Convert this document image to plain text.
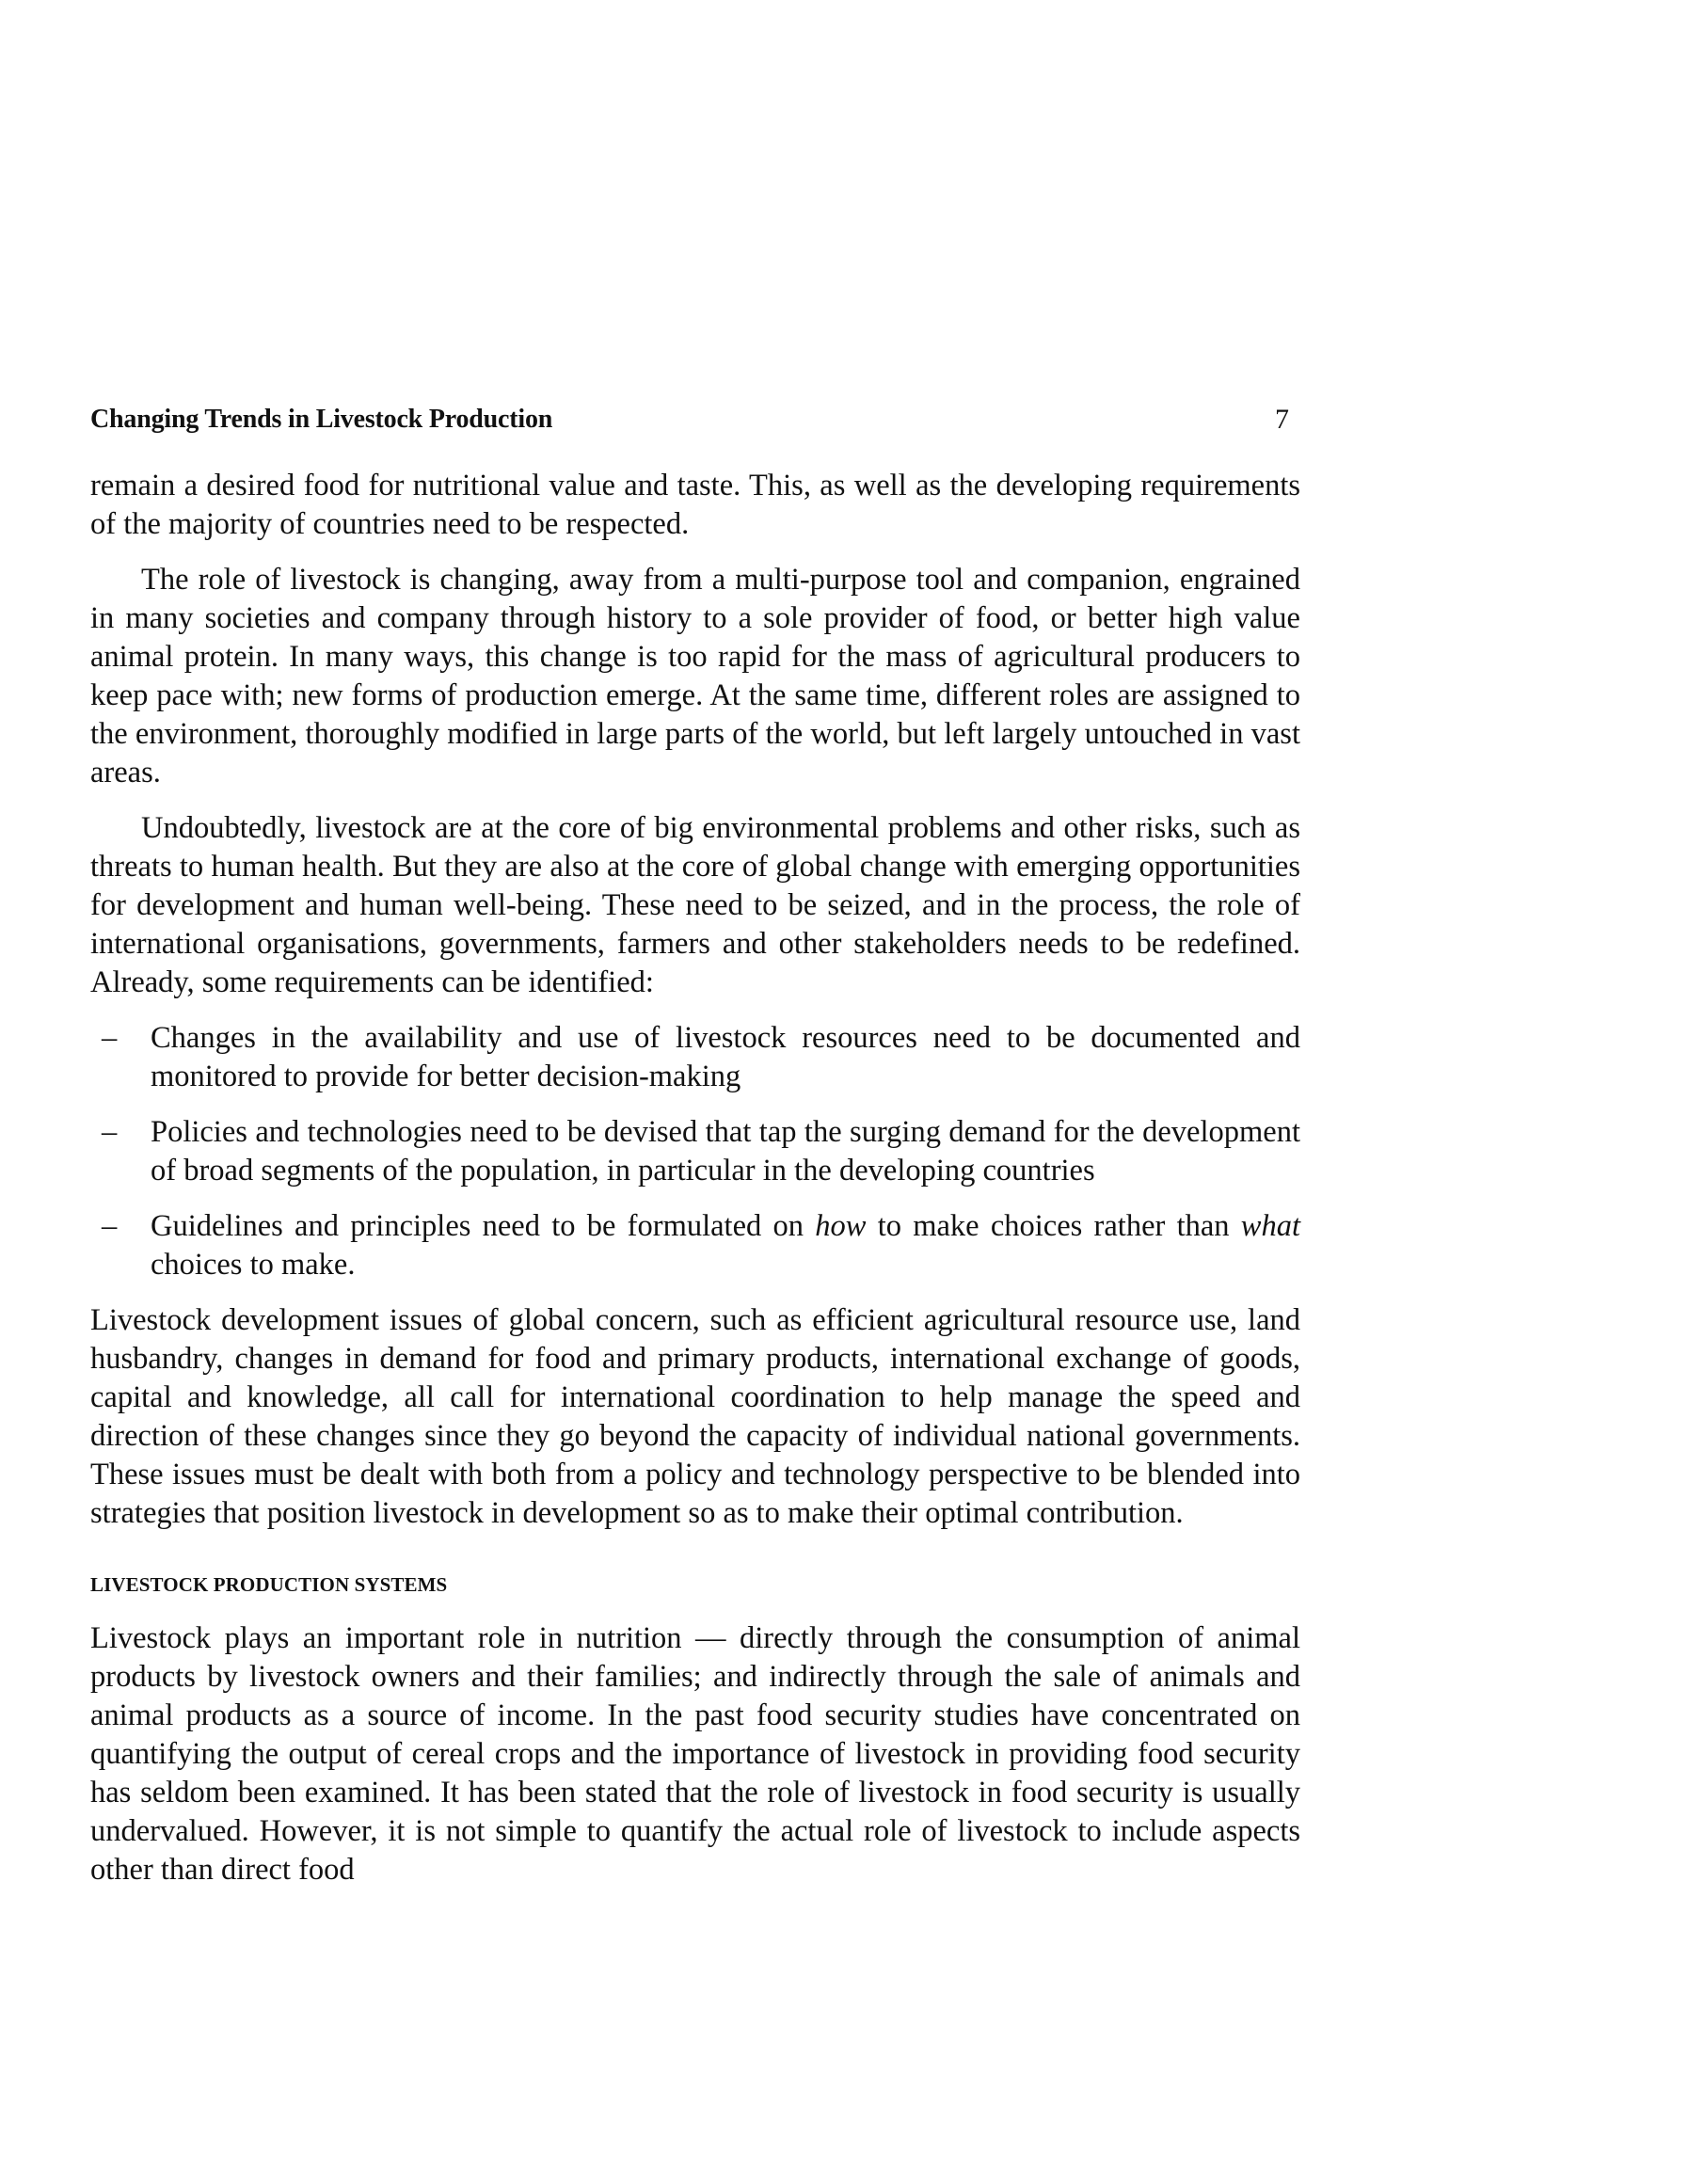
Changing Trends in Livestock Production	7

remain a desired food for nutritional value and taste. This, as well as the developing requirements of the majority of countries need to be respected.

The role of livestock is changing, away from a multi-purpose tool and companion, engrained in many societies and company through history to a sole provider of food, or better high value animal protein. In many ways, this change is too rapid for the mass of agricultural producers to keep pace with; new forms of production emerge. At the same time, different roles are assigned to the environment, thoroughly modified in large parts of the world, but left largely untouched in vast areas.

Undoubtedly, livestock are at the core of big environmental problems and other risks, such as threats to human health. But they are also at the core of global change with emerging opportunities for development and human well-being. These need to be seized, and in the process, the role of international organisations, governments, farmers and other stakeholders needs to be redefined. Already, some requirements can be identified:

– Changes in the availability and use of livestock resources need to be documented and monitored to provide for better decision-making
– Policies and technologies need to be devised that tap the surging demand for the development of broad segments of the population, in particular in the developing countries
– Guidelines and principles need to be formulated on how to make choices rather than what choices to make.

Livestock development issues of global concern, such as efficient agricultural resource use, land husbandry, changes in demand for food and primary products, international exchange of goods, capital and knowledge, all call for international coordination to help manage the speed and direction of these changes since they go beyond the capacity of individual national governments. These issues must be dealt with both from a policy and technology perspective to be blended into strategies that position livestock in development so as to make their optimal contribution.

LIVESTOCK PRODUCTION SYSTEMS

Livestock plays an important role in nutrition — directly through the consumption of animal products by livestock owners and their families; and indirectly through the sale of animals and animal products as a source of income. In the past food security studies have concentrated on quantifying the output of cereal crops and the importance of livestock in providing food security has seldom been examined. It has been stated that the role of livestock in food security is usually undervalued. However, it is not simple to quantify the actual role of livestock to include aspects other than direct food
